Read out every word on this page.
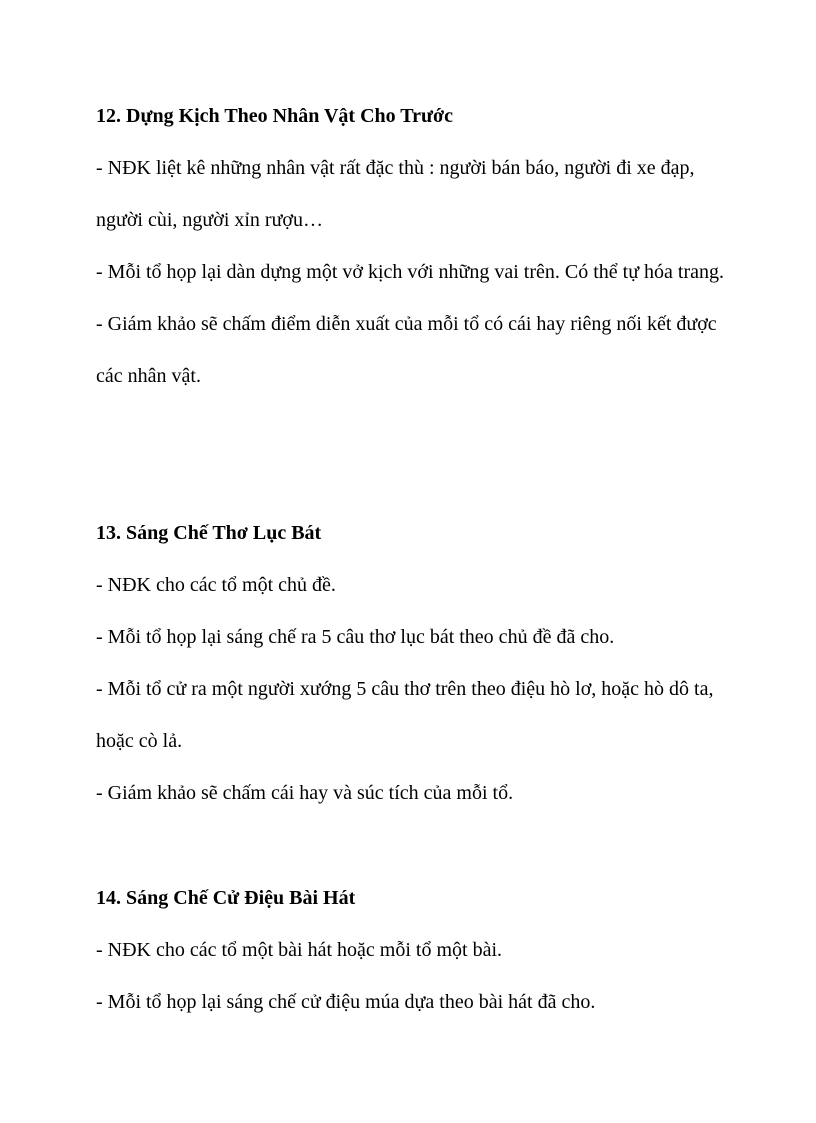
12. Dựng Kịch Theo Nhân Vật Cho Trước

- NĐK liệt kê những nhân vật rất đặc thù : người bán báo, người đi xe đạp, người cùi, người xỉn rượu…

- Mỗi tổ họp lại dàn dựng một vở kịch với những vai trên. Có thể tự hóa trang.

- Giám khảo sẽ chấm điểm diễn xuất của mỗi tổ có cái hay riêng nối kết được các nhân vật.

13. Sáng Chế Thơ Lục Bát

- NĐK cho các tổ một chủ đề.

- Mỗi tổ họp lại sáng chế ra 5 câu thơ lục bát theo chủ đề đã cho.

- Mỗi tổ cử ra một người xướng 5 câu thơ trên theo điệu hò lơ, hoặc hò dô ta, hoặc cò lả.

- Giám khảo sẽ chấm cái hay và súc tích của mỗi tổ.

14. Sáng Chế Cử Điệu Bài Hát

- NĐK cho các tổ một bài hát hoặc mỗi tổ một bài.

- Mỗi tổ họp lại sáng chế cử điệu múa dựa theo bài hát đã cho.
